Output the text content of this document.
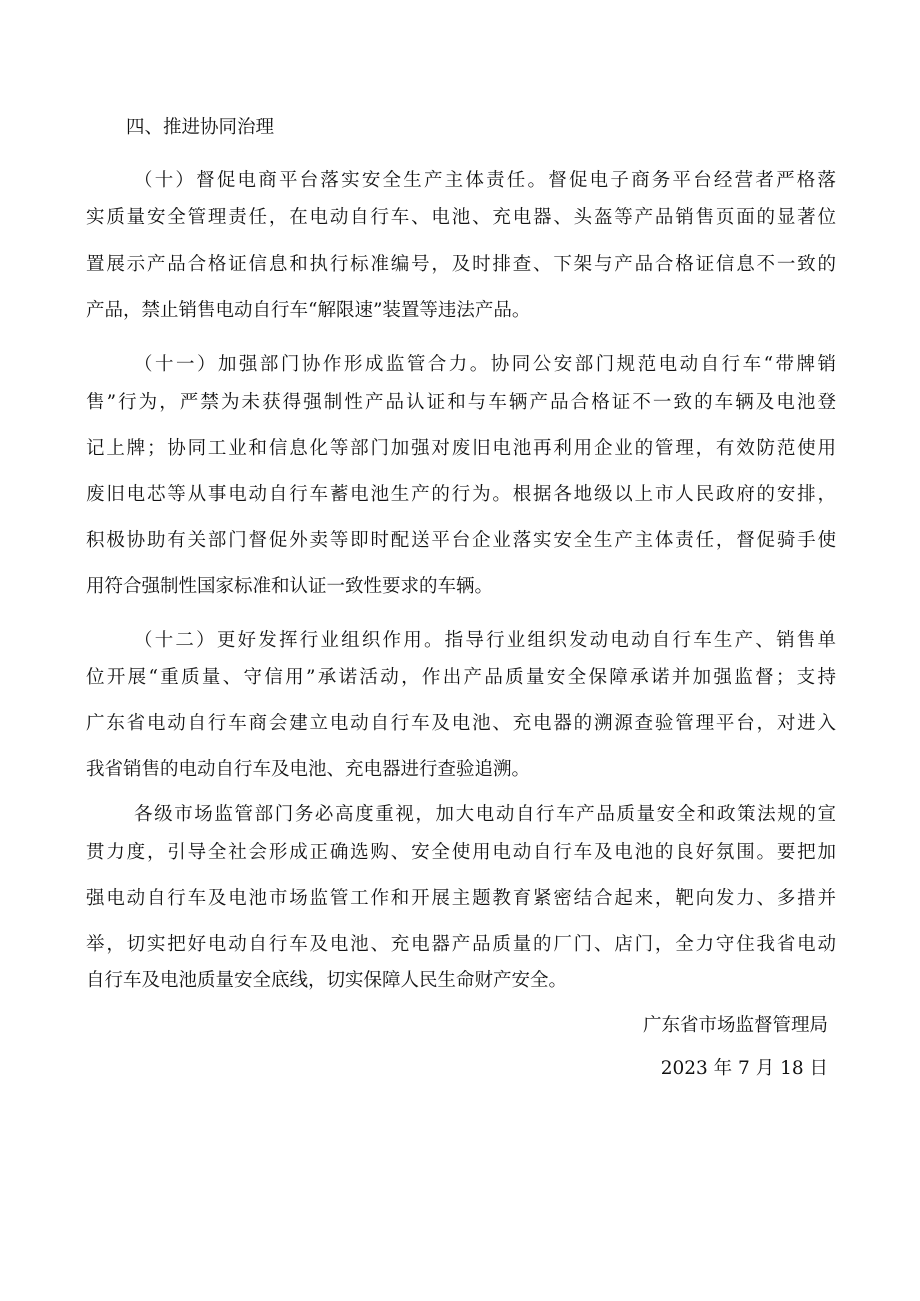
四、推进协同治理
（十）督促电商平台落实安全生产主体责任。督促电子商务平台经营者严格落
实质量安全管理责任，在电动自行车、电池、充电器、头盔等产品销售页面的显著位
置展示产品合格证信息和执行标准编号，及时排查、下架与产品合格证信息不一致的
产品，禁止销售电动自行车“解限速”装置等违法产品。
（十一）加强部门协作形成监管合力。协同公安部门规范电动自行车“带牌销
售”行为，严禁为未获得强制性产品认证和与车辆产品合格证不一致的车辆及电池登
记上牌；协同工业和信息化等部门加强对废旧电池再利用企业的管理，有效防范使用
废旧电芯等从事电动自行车蓄电池生产的行为。根据各地级以上市人民政府的安排，
积极协助有关部门督促外卖等即时配送平台企业落实安全生产主体责任，督促骑手使
用符合强制性国家标准和认证一致性要求的车辆。
（十二）更好发挥行业组织作用。指导行业组织发动电动自行车生产、销售单
位开展“重质量、守信用”承诺活动，作出产品质量安全保障承诺并加强监督；支持
广东省电动自行车商会建立电动自行车及电池、充电器的溯源查验管理平台，对进入
我省销售的电动自行车及电池、充电器进行查验追溯。
各级市场监管部门务必高度重视，加大电动自行车产品质量安全和政策法规的宣
贯力度，引导全社会形成正确选购、安全使用电动自行车及电池的良好氛围。要把加
强电动自行车及电池市场监管工作和开展主题教育紧密结合起来，靶向发力、多措并
举，切实把好电动自行车及电池、充电器产品质量的厂门、店门，全力守住我省电动
自行车及电池质量安全底线，切实保障人民生命财产安全。
广东省市场监督管理局
2023 年 7 月 18 日
